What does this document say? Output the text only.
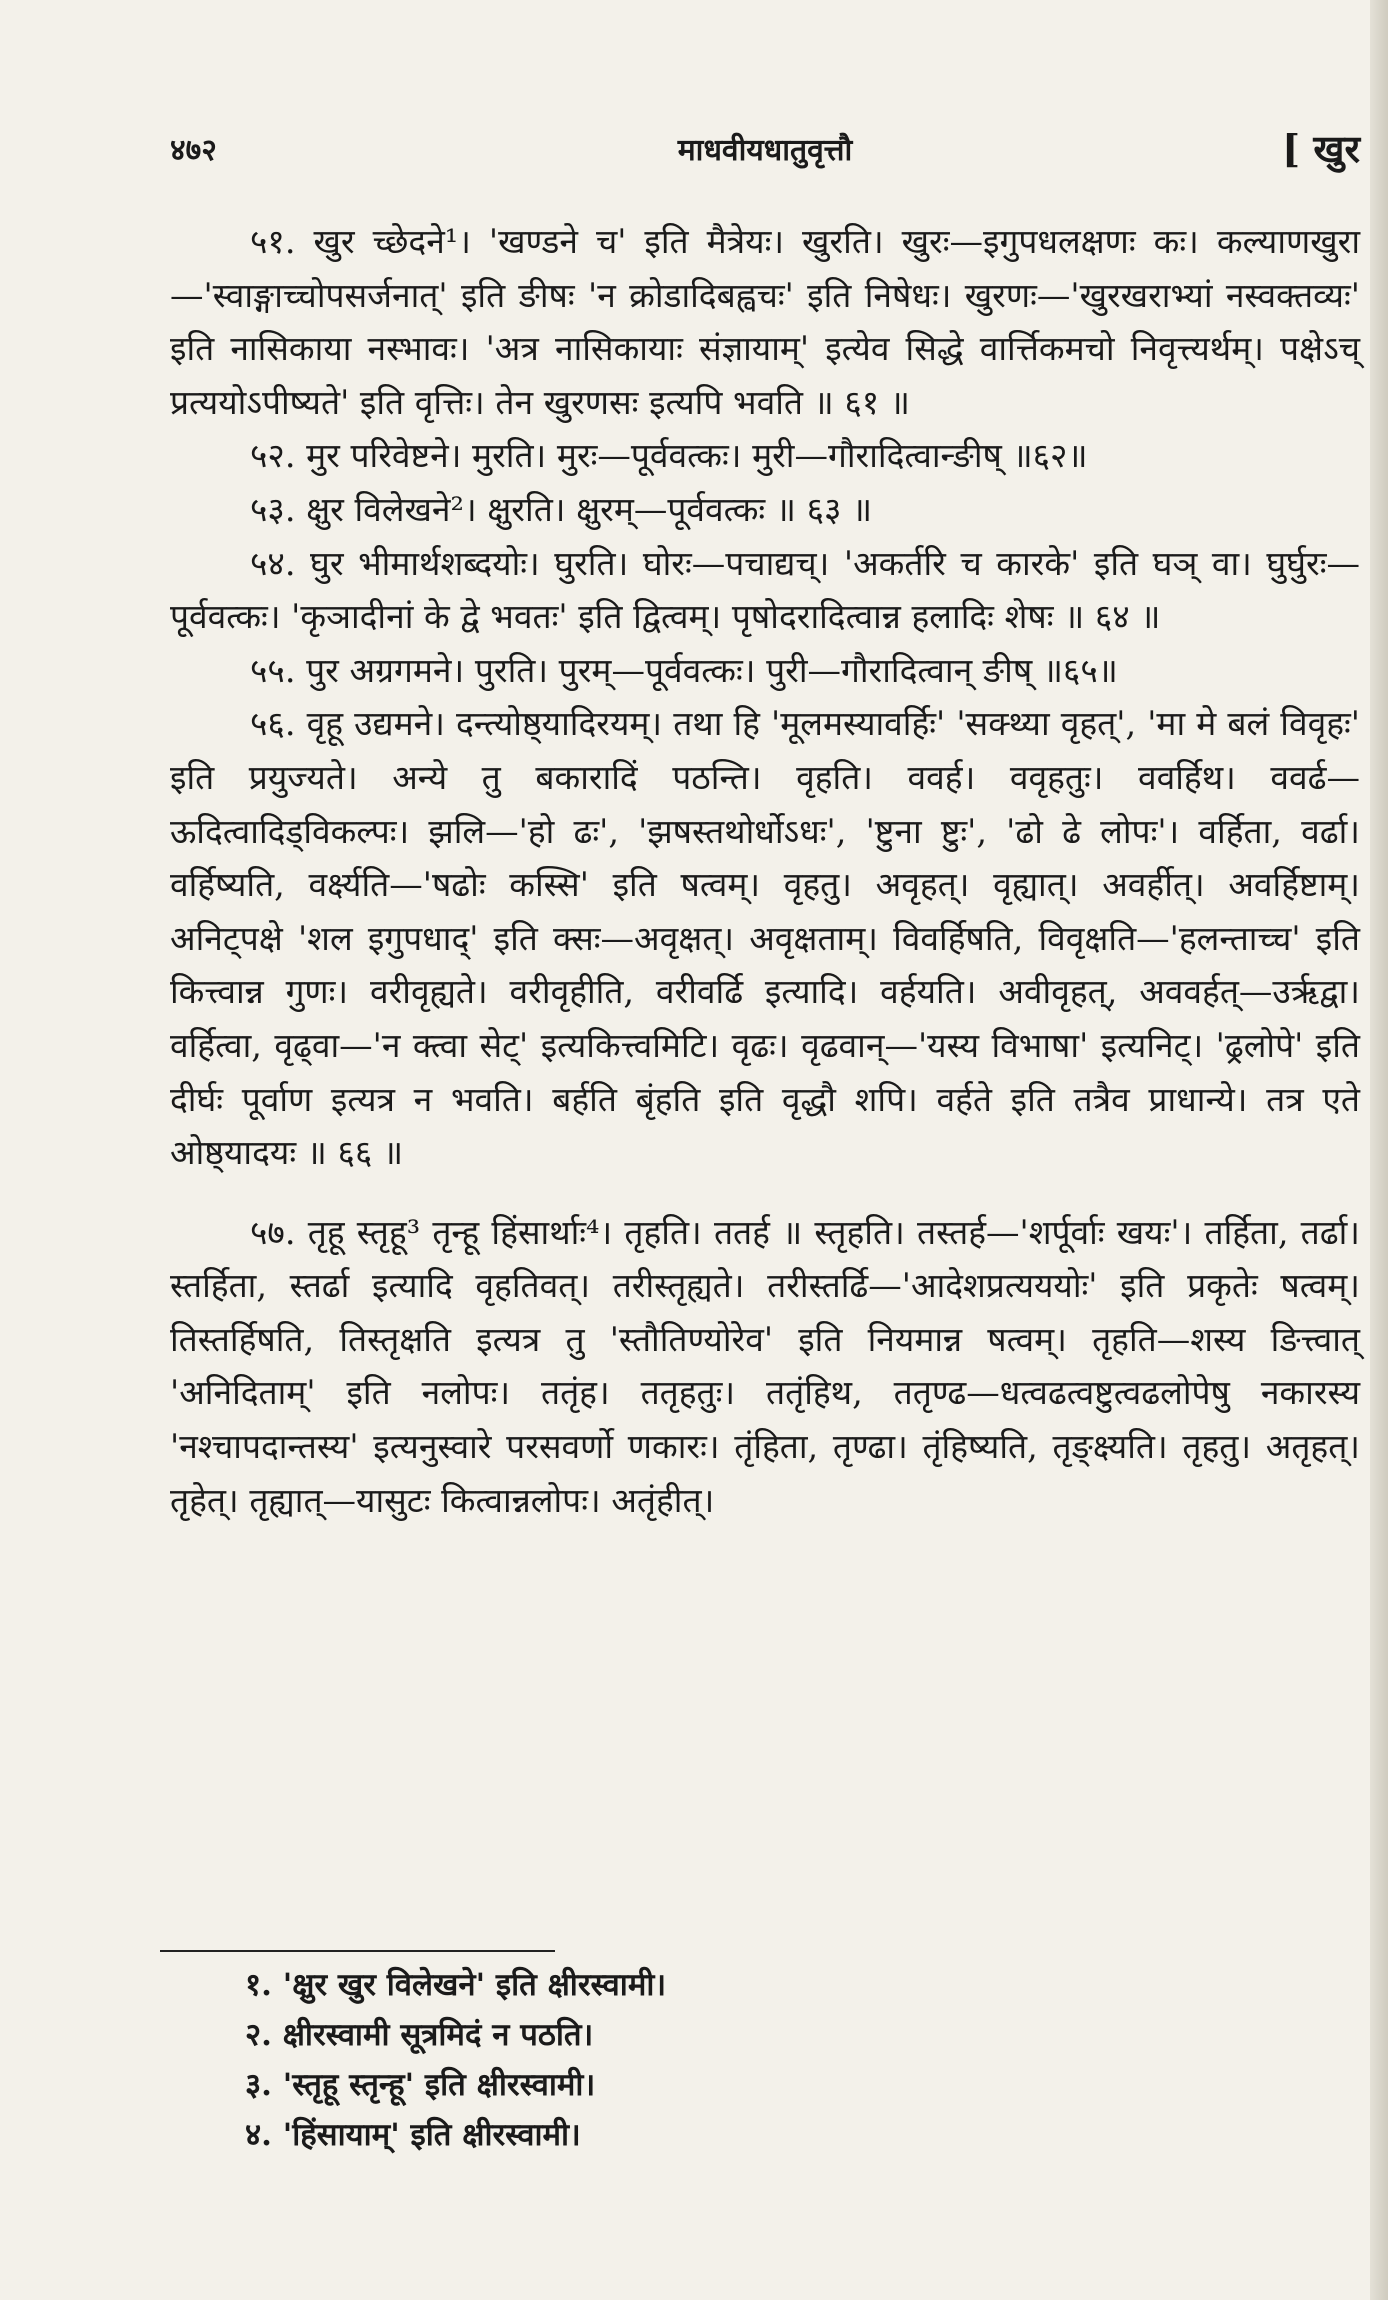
४७२	माधवीयधातुवृत्तौ	[ खुर

५१. खुर च्छेदने¹। 'खण्डने च' इति मैत्रेयः। खुरति। खुरः—इगुपधलक्षणः कः। कल्याणखुरा—'स्वाङ्गाच्चोपसर्जनात्' इति ङीषः 'न क्रोडादिबह्वचः' इति निषेधः। खुरणः—'खुरखराभ्यां नस्वक्तव्यः' इति नासिकाया नस्भावः। 'अत्र नासिकायाः संज्ञायाम्' इत्येव सिद्धे वार्त्तिकमचो निवृत्त्यर्थम्। पक्षेऽच् प्रत्ययोऽपीष्यते' इति वृत्तिः। तेन खुरणसः इत्यपि भवति ॥ ६१ ॥

५२. मुर परिवेष्टने। मुरति। मुरः—पूर्ववत्कः। मुरी—गौरादित्वान्ङीष् ॥६२॥

५३. क्षुर विलेखने²। क्षुरति। क्षुरम्—पूर्ववत्कः ॥ ६३ ॥

५४. घुर भीमार्थशब्दयोः। घुरति। घोरः—पचाद्यच्। 'अकर्तरि च कारके' इति घञ् वा। घुर्घुरः—पूर्ववत्कः। 'कृञादीनां के द्वे भवतः' इति द्वित्वम्। पृषोदरादित्वान्न हलादिः शेषः ॥ ६४ ॥

५५. पुर अग्रगमने। पुरति। पुरम्—पूर्ववत्कः। पुरी—गौरादित्वान् ङीष् ॥६५॥

५६. वृहू उद्यमने। दन्त्योष्ठ्यादिरयम्। तथा हि 'मूलमस्यावर्हिः' 'सक्थ्या वृहत्', 'मा मे बलं विवृहः' इति प्रयुज्यते। अन्ये तु बकारादिं पठन्ति। वृहति। ववर्ह। ववृहतुः। ववर्हिथ। ववर्ढ—ऊदित्वादिड्विकल्पः। झलि—'हो ढः', 'झषस्तथोर्धोऽधः', 'ष्टुना ष्टुः', 'ढो ढे लोपः'। वर्हिता, वर्ढा। वर्हिष्यति, वर्क्ष्यति—'षढोः कस्सि' इति षत्वम्। वृहतु। अवृहत्। वृह्यात्। अवर्हीत्। अवर्हिष्टाम्। अनिट्पक्षे 'शल इगुपधाद्' इति क्सः—अवृक्षत्। अवृक्षताम्। विवर्हिषति, विवृक्षति—'हलन्ताच्च' इति कित्त्वान्न गुणः। वरीवृह्यते। वरीवृहीति, वरीवर्ढि इत्यादि। वर्हयति। अवीवृहत्, अववर्हत्—उर्ऋद्वा। वर्हित्वा, वृढ्वा—'न क्त्वा सेट्' इत्यकित्त्वमिटि। वृढः। वृढवान्—'यस्य विभाषा' इत्यनिट्। 'ढ्रलोपे' इति दीर्घः पूर्वाण इत्यत्र न भवति। बर्हति बृंहति इति वृद्धौ शपि। वर्हते इति तत्रैव प्राधान्ये। तत्र एते ओष्ठ्यादयः ॥ ६६ ॥

५७. तृहू स्तृहू³ तृन्हू हिंसार्थाः⁴। तृहति। ततर्ह ॥ स्तृहति। तस्तर्ह—'शर्पूर्वाः खयः'। तर्हिता, तर्ढा। स्तर्हिता, स्तर्ढा इत्यादि वृहतिवत्। तरीस्तृह्यते। तरीस्तर्ढि—'आदेशप्रत्यययोः' इति प्रकृतेः षत्वम्। तिस्तर्हिषति, तिस्तृक्षति इत्यत्र तु 'स्तौतिण्योरेव' इति नियमान्न षत्वम्। तृहति—शस्य ङित्त्वात् 'अनिदिताम्' इति नलोपः। ततृंह। ततृहतुः। ततृंहिथ, ततृण्ढ—धत्वढत्वष्टुत्वढलोपेषु नकारस्य 'नश्चापदान्तस्य' इत्यनुस्वारे परसवर्णो णकारः। तृंहिता, तृण्ढा। तृंहिष्यति, तृङ्क्ष्यति। तृहतु। अतृहत्। तृहेत्। तृह्यात्—यासुटः कित्वान्नलोपः। अतृंहीत्।

१. 'क्षुर खुर विलेखने' इति क्षीरस्वामी।

२. क्षीरस्वामी सूत्रमिदं न पठति।

३. 'स्तृहू स्तृन्हू' इति क्षीरस्वामी।

४. 'हिंसायाम्' इति क्षीरस्वामी।
